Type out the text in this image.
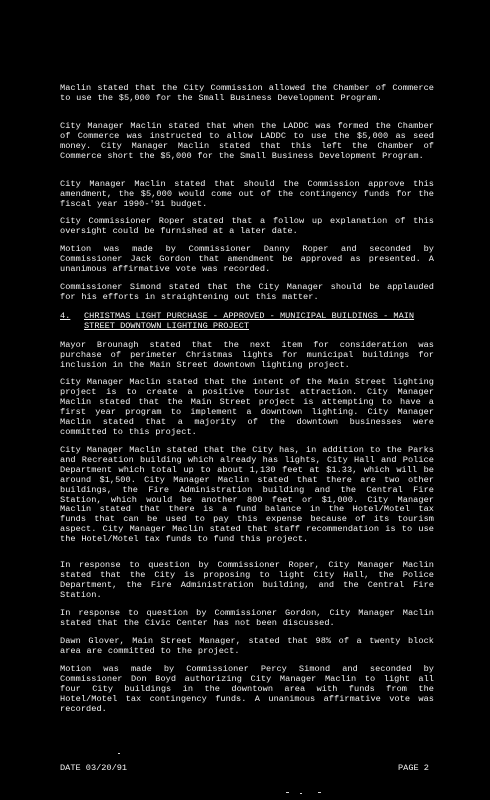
Maclin stated that the City Commission allowed the Chamber of Commerce to use the $5,000 for the Small Business Development Program.
City Manager Maclin stated that when the LADDC was formed the Chamber of Commerce was instructed to allow LADDC to use the $5,000 as seed money. City Manager Maclin stated that this left the Chamber of Commerce short the $5,000 for the Small Business Development Program.
City Manager Maclin stated that should the Commission approve this amendment, the $5,000 would come out of the contingency funds for the fiscal year 1990-'91 budget.
City Commissioner Roper stated that a follow up explanation of this oversight could be furnished at a later date.
Motion was made by Commissioner Danny Roper and seconded by Commissioner Jack Gordon that amendment be approved as presented. A unanimous affirmative vote was recorded.
Commissioner Simond stated that the City Manager should be applauded for his efforts in straightening out this matter.
4. CHRISTMAS LIGHT PURCHASE - APPROVED - MUNICIPAL BUILDINGS - MAIN STREET DOWNTOWN LIGHTING PROJECT
Mayor Brounagh stated that the next item for consideration was purchase of perimeter Christmas lights for municipal buildings for inclusion in the Main Street downtown lighting project.
City Manager Maclin stated that the intent of the Main Street lighting project is to create a positive tourist attraction. City Manager Maclin stated that the Main Street project is attempting to have a first year program to implement a downtown lighting. City Manager Maclin stated that a majority of the downtown businesses were committed to this project.
City Manager Maclin stated that the City has, in addition to the Parks and Recreation building which already has lights, City Hall and Police Department which total up to about 1,130 feet at $1.33, which will be around $1,500. City Manager Maclin stated that there are two other buildings, the Fire Administration building and the Central Fire Station, which would be another 800 feet or $1,000. City Manager Maclin stated that there is a fund balance in the Hotel/Motel tax funds that can be used to pay this expense because of its tourism aspect. City Manager Maclin stated that staff recommendation is to use the Hotel/Motel tax funds to fund this project.
In response to question by Commissioner Roper, City Manager Maclin stated that the City is proposing to light City Hall, the Police Department, the Fire Administration building, and the Central Fire Station.
In response to question by Commissioner Gordon, City Manager Maclin stated that the Civic Center has not been discussed.
Dawn Glover, Main Street Manager, stated that 98% of a twenty block area are committed to the project.
Motion was made by Commissioner Percy Simond and seconded by Commissioner Don Boyd authorizing City Manager Maclin to light all four City buildings in the downtown area with funds from the Hotel/Motel tax contingency funds. A unanimous affirmative vote was recorded.
DATE 03/20/91	PAGE 2
